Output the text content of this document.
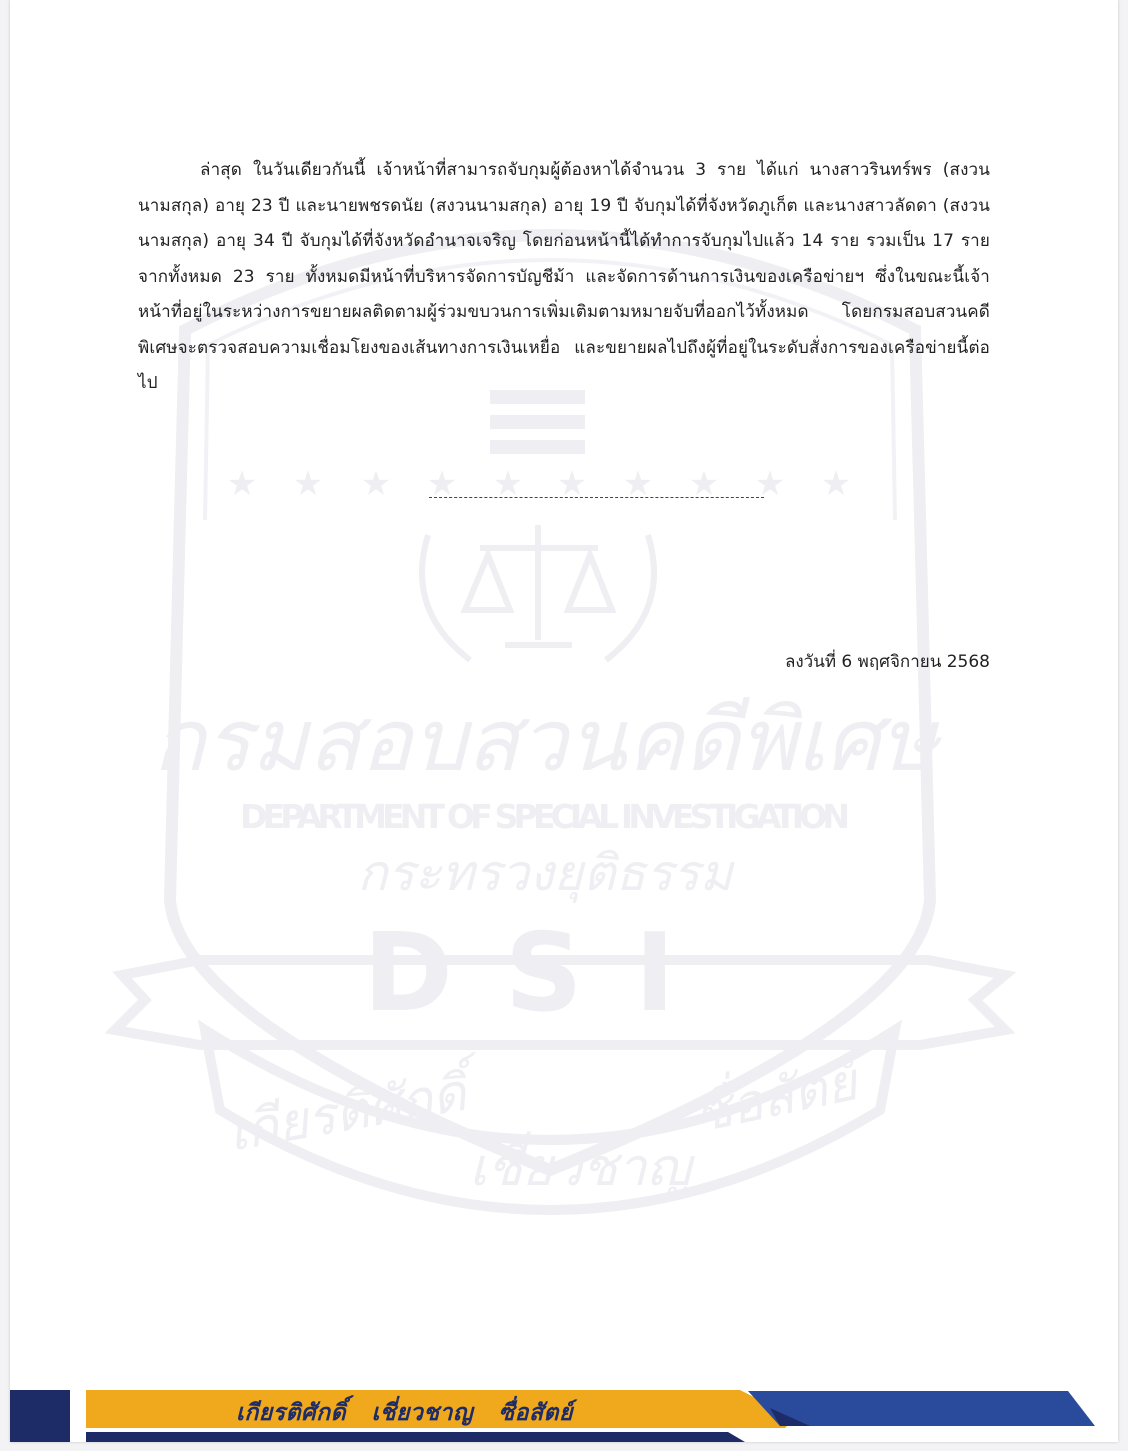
★ ★ ★ ★ ★ ★ ★ ★ ★ ★
กรมสอบสวนคดีพิเศษ
DEPARTMENT OF SPECIAL INVESTIGATION
กระทรวงยุติธรรม
DSI
เกียรติศักดิ์
เชี่ยวชาญ
ซื่อสัตย์

ล่าสุด ในวันเดียวกันนี้ เจ้าหน้าที่สามารถจับกุมผู้ต้องหาได้จำนวน 3 ราย ได้แก่ นางสาวรินทร์พร (สงวนนามสกุล) อายุ 23 ปี และนายพชรดนัย (สงวนนามสกุล) อายุ 19 ปี จับกุมได้ที่จังหวัดภูเก็ต และนางสาวลัดดา (สงวนนามสกุล) อายุ 34 ปี จับกุมได้ที่จังหวัดอำนาจเจริญ โดยก่อนหน้านี้ได้ทำการจับกุมไปแล้ว 14 ราย รวมเป็น 17 รายจากทั้งหมด 23 ราย ทั้งหมดมีหน้าที่บริหารจัดการบัญชีม้า และจัดการด้านการเงินของเครือข่ายฯ ซึ่งในขณะนี้เจ้าหน้าที่อยู่ในระหว่างการขยายผลติดตามผู้ร่วมขบวนการเพิ่มเติมตามหมายจับที่ออกไว้ทั้งหมด โดยกรมสอบสวนคดีพิเศษจะตรวจสอบความเชื่อมโยงของเส้นทางการเงินเหยื่อ และขยายผลไปถึงผู้ที่อยู่ในระดับสั่งการของเครือข่ายนี้ต่อไป

ลงวันที่ 6 พฤศจิกายน 2568
เกียรติศักดิ์   เชี่ยวชาญ   ซื่อสัตย์
